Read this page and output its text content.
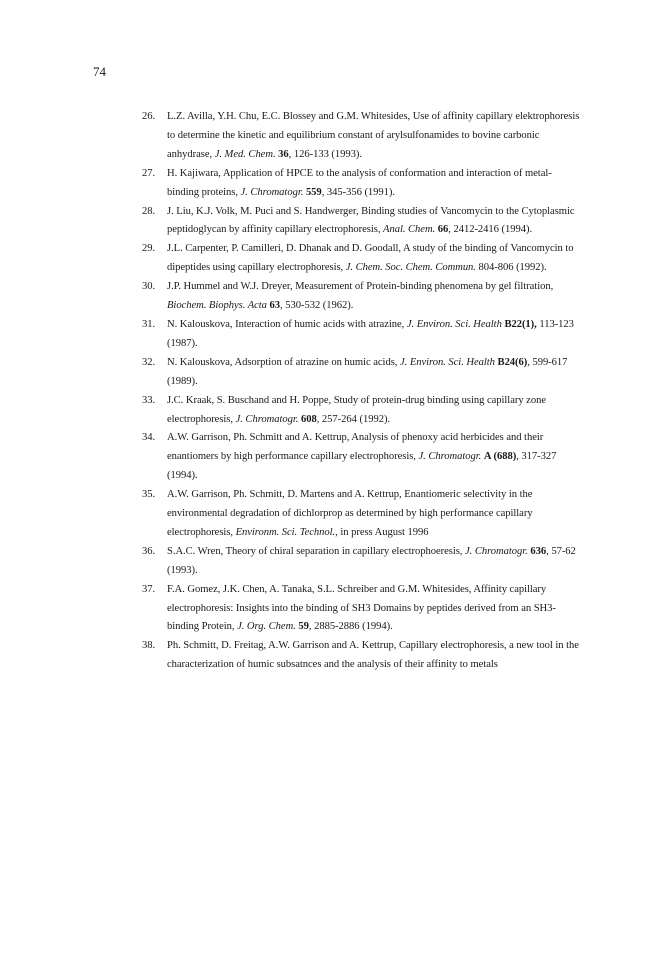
74
26. L.Z. Avilla, Y.H. Chu, E.C. Blossey and G.M. Whitesides, Use of affinity capillary elektrophoresis to determine the kinetic and equilibrium constant of arylsulfonamides to bovine carbonic anhydrase, J. Med. Chem. 36, 126-133 (1993).
27. H. Kajiwara, Application of HPCE to the analysis of conformation and interaction of metal-binding proteins, J. Chromatogr. 559, 345-356 (1991).
28. J. Liu, K.J. Volk, M. Puci and S. Handwerger, Binding studies of Vancomycin to the Cytoplasmic peptidoglycan by affinity capillary electrophoresis, Anal. Chem. 66, 2412-2416 (1994).
29. J.L. Carpenter, P. Camilleri, D. Dhanak and D. Goodall, A study of the binding of Vancomycin to dipeptides using capillary electrophoresis, J. Chem. Soc. Chem. Commun. 804-806 (1992).
30. J.P. Hummel and W.J. Dreyer, Measurement of Protein-binding phenomena by gel filtration, Biochem. Biophys. Acta 63, 530-532 (1962).
31. N. Kalouskova, Interaction of humic acids with atrazine, J. Environ. Sci. Health B22(1), 113-123 (1987).
32. N. Kalouskova, Adsorption of atrazine on humic acids, J. Environ. Sci. Health B24(6), 599-617 (1989).
33. J.C. Kraak, S. Buschand and H. Poppe, Study of protein-drug binding using capillary zone electrophoresis, J. Chromatogr. 608, 257-264 (1992).
34. A.W. Garrison, Ph. Schmitt and A. Kettrup, Analysis of phenoxy acid herbicides and their enantiomers by high performance capillary electrophoresis, J. Chromatogr. A (688), 317-327 (1994).
35. A.W. Garrison, Ph. Schmitt, D. Martens and A. Kettrup, Enantiomeric selectivity in the environmental degradation of dichlorprop as determined by high performance capillary electrophoresis, Environm. Sci. Technol., in press August 1996
36. S.A.C. Wren, Theory of chiral separation in capillary electrophoeresis, J. Chromatogr. 636, 57-62 (1993).
37. F.A. Gomez, J.K. Chen, A. Tanaka, S.L. Schreiber and G.M. Whitesides, Affinity capillary electrophoresis: Insights into the binding of SH3 Domains by peptides derived from an SH3-binding Protein, J. Org. Chem. 59, 2885-2886 (1994).
38. Ph. Schmitt, D. Freitag, A.W. Garrison and A. Kettrup, Capillary electrophoresis, a new tool in the characterization of humic subsatnces and the analysis of their affinity to metals
